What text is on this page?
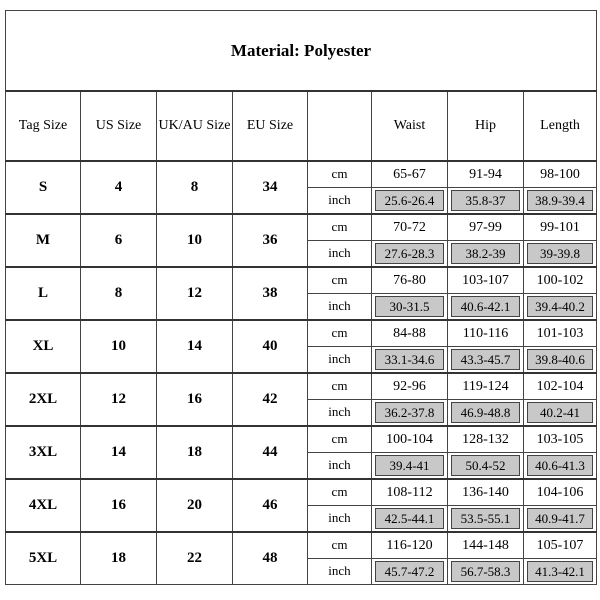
Material: Polyester							
Tag Size	US Size	UK/AU Size	EU Size		Waist	Hip	Length
S	4	8	34	cm	65-67	91-94	98-100
				inch	25.6-26.4	35.8-37	38.9-39.4

M	6	10	36	cm	70-72	97-99	99-101
				inch	27.6-28.3	38.2-39	39-39.8

L	8	12	38	cm	76-80	103-107	100-102
				inch	30-31.5	40.6-42.1	39.4-40.2

XL	10	14	40	cm	84-88	110-116	101-103
				inch	33.1-34.6	43.3-45.7	39.8-40.6

2XL	12	16	42	cm	92-96	119-124	102-104
				inch	36.2-37.8	46.9-48.8	40.2-41

3XL	14	18	44	cm	100-104	128-132	103-105
				inch	39.4-41	50.4-52	40.6-41.3

4XL	16	20	46	cm	108-112	136-140	104-106
				inch	42.5-44.1	53.5-55.1	40.9-41.7

5XL	18	22	48	cm	116-120	144-148	105-107
				inch	45.7-47.2	56.7-58.3	41.3-42.1
